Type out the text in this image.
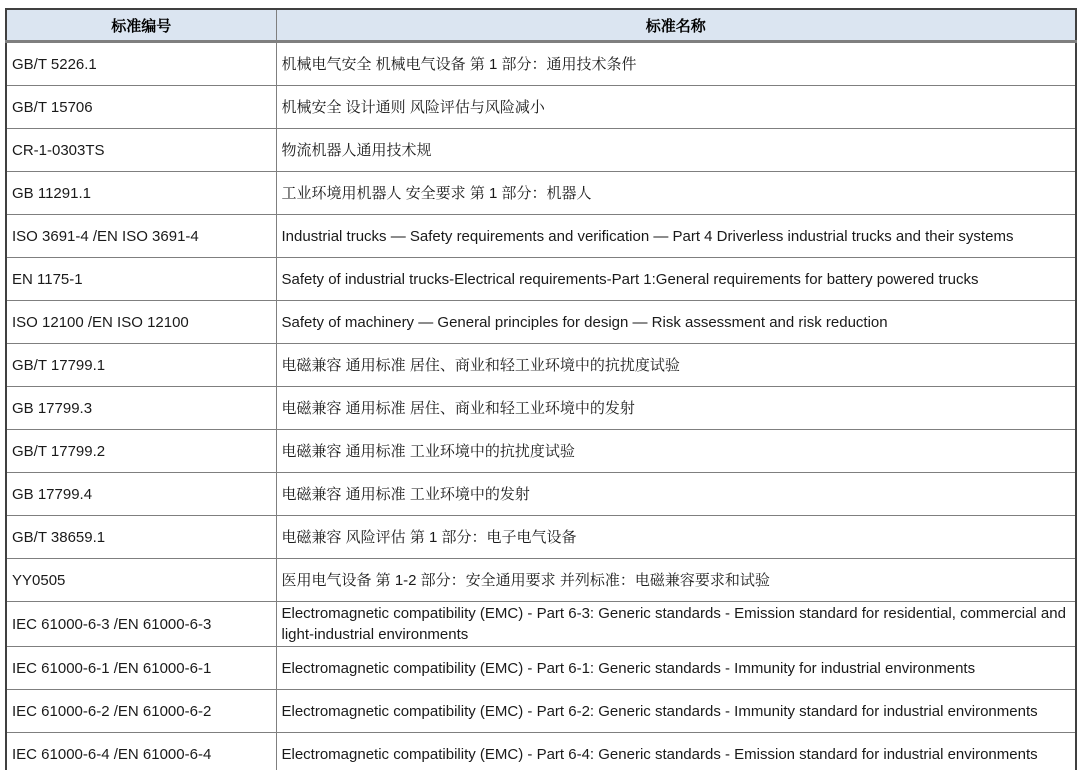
标准编号	标准名称
GB/T 5226.1	机械电气安全 机械电气设备 第 1 部分：通用技术条件
GB/T 15706	机械安全 设计通则 风险评估与风险减小
CR-1-0303TS	物流机器人通用技术规
GB 11291.1	工业环境用机器人 安全要求 第 1 部分：机器人
ISO 3691-4 /EN ISO 3691-4	Industrial trucks — Safety requirements and verification — Part 4 Driverless industrial trucks and their systems
EN 1175-1	Safety of industrial trucks-Electrical requirements-Part 1:General requirements for battery powered trucks
ISO 12100 /EN ISO 12100	Safety of machinery — General principles for design — Risk assessment and risk reduction
GB/T 17799.1	电磁兼容 通用标准 居住、商业和轻工业环境中的抗扰度试验
GB 17799.3	电磁兼容 通用标准 居住、商业和轻工业环境中的发射
GB/T 17799.2	电磁兼容 通用标准 工业环境中的抗扰度试验
GB 17799.4	电磁兼容 通用标准 工业环境中的发射
GB/T 38659.1	电磁兼容 风险评估 第 1 部分：电子电气设备
YY0505	医用电气设备 第 1-2 部分：安全通用要求 并列标准：电磁兼容要求和试验
IEC 61000-6-3 /EN 61000-6-3	Electromagnetic compatibility (EMC) - Part 6-3: Generic standards - Emission standard for residential, commercial and light-industrial environments
IEC 61000-6-1 /EN 61000-6-1	Electromagnetic compatibility (EMC) - Part 6-1: Generic standards - Immunity for industrial environments
IEC 61000-6-2 /EN 61000-6-2	Electromagnetic compatibility (EMC) - Part 6-2: Generic standards - Immunity standard for industrial environments
IEC 61000-6-4 /EN 61000-6-4	Electromagnetic compatibility (EMC) - Part 6-4: Generic standards - Emission standard for industrial environments
